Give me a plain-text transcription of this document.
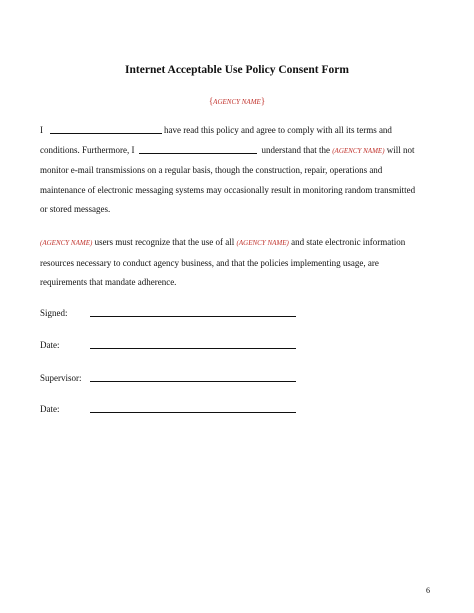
Internet Acceptable Use Policy Consent Form
{AGENCY NAME}
I	have read this policy and agree to comply with all its terms and
conditions. Furthermore, I	understand that the (AGENCY NAME) will not
monitor e-mail transmissions on a regular basis, though the construction, repair, operations and
maintenance of electronic messaging systems may occasionally result in monitoring random transmitted
or stored messages.
(AGENCY NAME) users must recognize that the use of all (AGENCY NAME) and state electronic information
resources necessary to conduct agency business, and that the policies implementing usage, are
requirements that mandate adherence.
Signed:
Date:
Supervisor:
Date:
6
